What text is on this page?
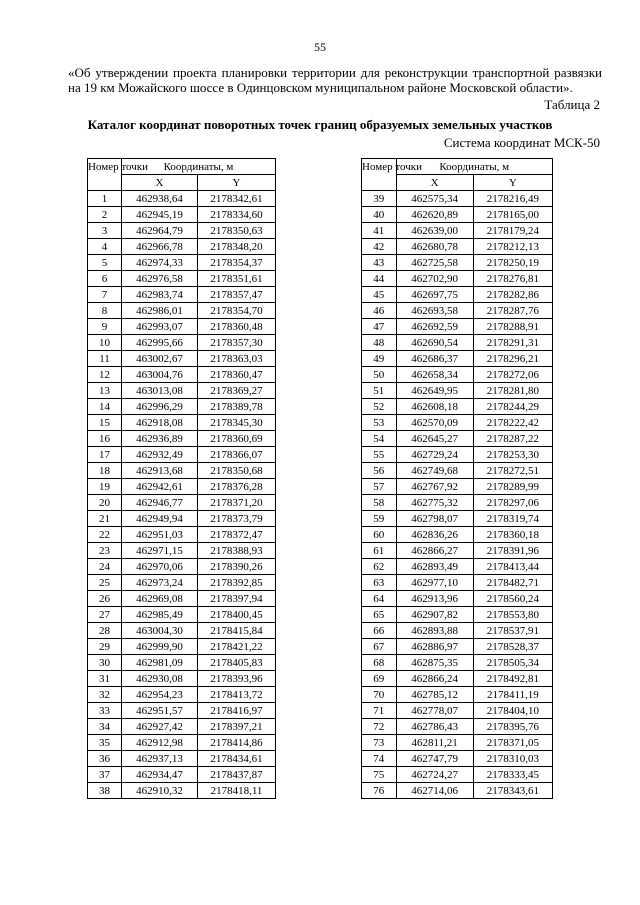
55
«Об утверждении проекта планировки территории для реконструкции транспортной развязки
на 19 км Можайского шоссе в Одинцовском муниципальном районе Московской области».
Таблица 2
Каталог координат поворотных точек границ образуемых земельных участков
Система координат МСК-50
Номер точки	Координаты, м	
	X	Y
1	462938,64	2178342,61
2	462945,19	2178334,60
3	462964,79	2178350,63
4	462966,78	2178348,20
5	462974,33	2178354,37
6	462976,58	2178351,61
7	462983,74	2178357,47
8	462986,01	2178354,70
9	462993,07	2178360,48
10	462995,66	2178357,30
11	463002,67	2178363,03
12	463004,76	2178360,47
13	463013,08	2178369,27
14	462996,29	2178389,78
15	462918,08	2178345,30
16	462936,89	2178360,69
17	462932,49	2178366,07
18	462913,68	2178350,68
19	462942,61	2178376,28
20	462946,77	2178371,20
21	462949,94	2178373,79
22	462951,03	2178372,47
23	462971,15	2178388,93
24	462970,06	2178390,26
25	462973,24	2178392,85
26	462969,08	2178397,94
27	462985,49	2178400,45
28	463004,30	2178415,84
29	462999,90	2178421,22
30	462981,09	2178405,83
31	462930,08	2178393,96
32	462954,23	2178413,72
33	462951,57	2178416,97
34	462927,42	2178397,21
35	462912,98	2178414,86
36	462937,13	2178434,61
37	462934,47	2178437,87
38	462910,32	2178418,11
Номер точки	Координаты, м	
	X	Y
39	462575,34	2178216,49
40	462620,89	2178165,00
41	462639,00	2178179,24
42	462680,78	2178212,13
43	462725,58	2178250,19
44	462702,90	2178276,81
45	462697,75	2178282,86
46	462693,58	2178287,76
47	462692,59	2178288,91
48	462690,54	2178291,31
49	462686,37	2178296,21
50	462658,34	2178272,06
51	462649,95	2178281,80
52	462608,18	2178244,29
53	462570,09	2178222,42
54	462645,27	2178287,22
55	462729,24	2178253,30
56	462749,68	2178272,51
57	462767,92	2178289,99
58	462775,32	2178297,06
59	462798,07	2178319,74
60	462836,26	2178360,18
61	462866,27	2178391,96
62	462893,49	2178413,44
63	462977,10	2178482,71
64	462913,96	2178560,24
65	462907,82	2178553,80
66	462893,88	2178537,91
67	462886,97	2178528,37
68	462875,35	2178505,34
69	462866,24	2178492,81
70	462785,12	2178411,19
71	462778,07	2178404,10
72	462786,43	2178395,76
73	462811,21	2178371,05
74	462747,79	2178310,03
75	462724,27	2178333,45
76	462714,06	2178343,61
